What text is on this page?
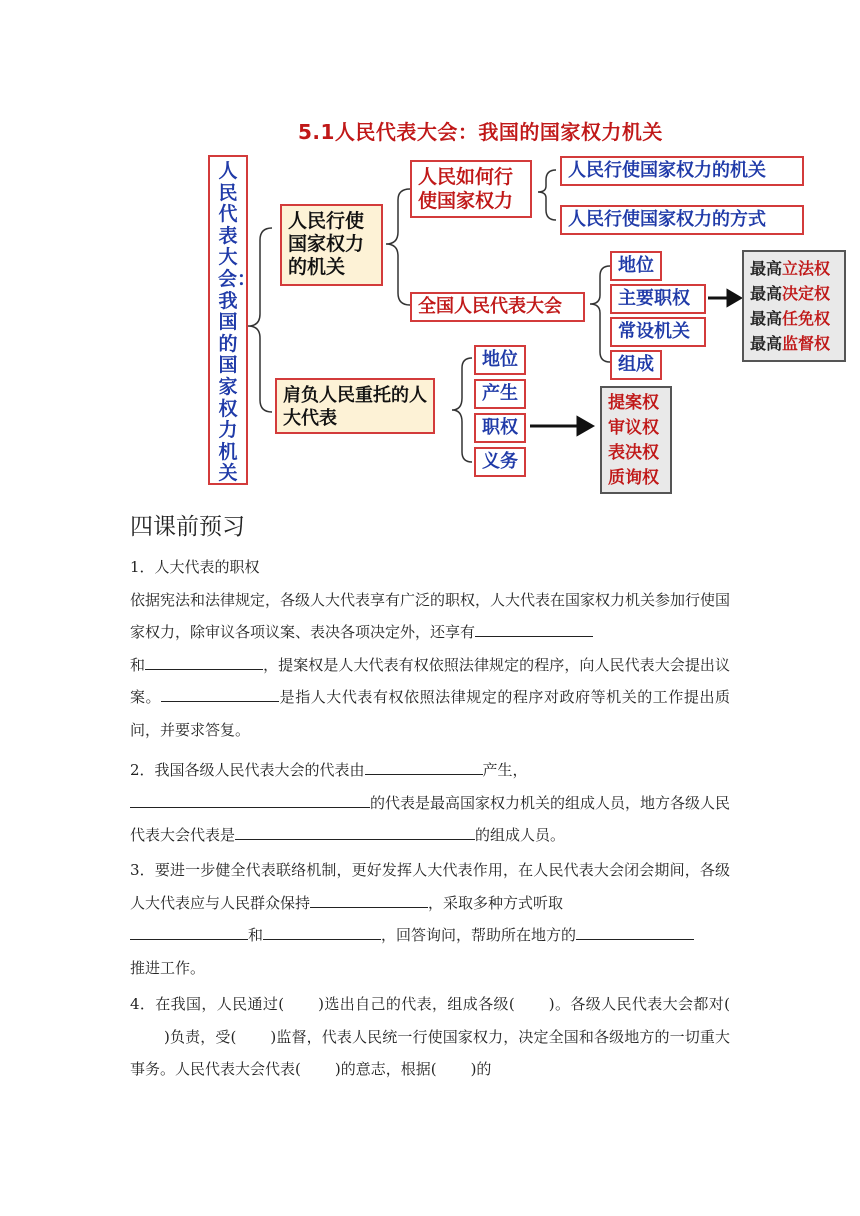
5.1人民代表大会：我国的国家权力机关
人民代表大会：我国的国家权力机关
人民行使国家权力的机关
人民如何行使国家权力
人民行使国家权力的机关
人民行使国家权力的方式
全国人民代表大会
地位
主要职权
常设机关
组成
最高立法权
最高决定权
最高任免权
最高监督权
肩负人民重托的人大代表
地位
产生
职权
义务
提案权
审议权
表决权
质询权
四课前预习
1．人大代表的职权
依据宪法和法律规定，各级人大代表享有广泛的职权，人大代表在国家权力机关参加行使国家权力，除审议各项议案、表决各项决定外，还享有
和	，提案权是人大代表有权依照法律规定的程序，向人民代表大会提出议案。	是指人大代表有权依照法律规定的程序对政府等机关的工作提出质问，并要求答复。
2．我国各级人民代表大会的代表由	产生，
的代表是最高国家权力机关的组成人员，地方各级人民代表大会代表是	的组成人员。
3．要进一步健全代表联络机制，更好发挥人大代表作用，在人民代表大会闭会期间，各级人大代表应与人民群众保持	，采取多种方式听取
和	，回答询问，帮助所在地方的
推进工作。
4．在我国，人民通过( )选出自己的代表，组成各级( )。各级人民代表大会都对()负责，受( )监督，代表人民统一行使国家权力，决定全国和各级地方的一切重大事务。人民代表大会代表( )的意志，根据( )的
